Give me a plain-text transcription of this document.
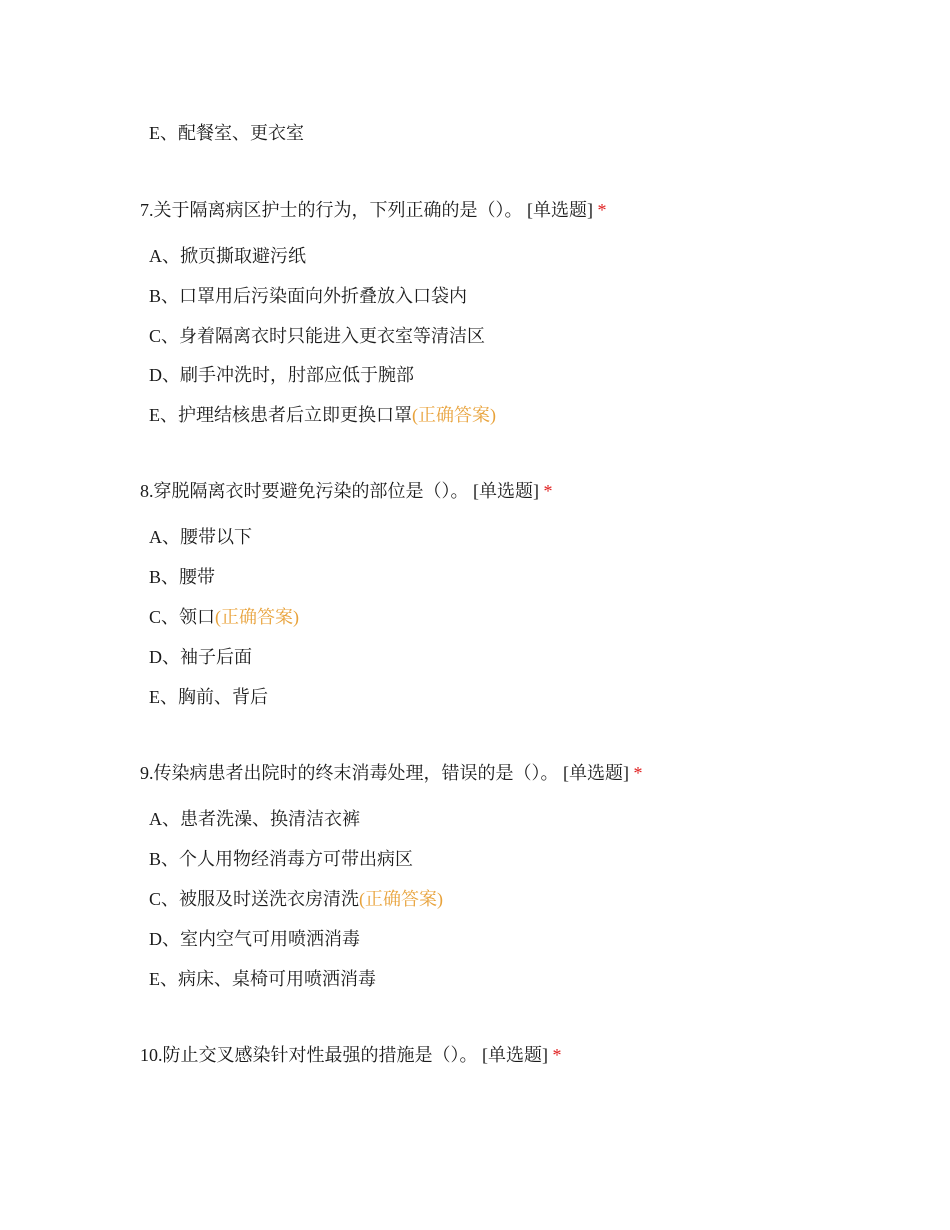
E、配餐室、更衣室
7.关于隔离病区护士的行为，下列正确的是（）。 [单选题] *
A、掀页撕取避污纸
B、口罩用后污染面向外折叠放入口袋内
C、身着隔离衣时只能进入更衣室等清洁区
D、刷手冲洗时，肘部应低于腕部
E、护理结核患者后立即更换口罩(正确答案)
8.穿脱隔离衣时要避免污染的部位是（）。 [单选题] *
A、腰带以下
B、腰带
C、领口(正确答案)
D、袖子后面
E、胸前、背后
9.传染病患者出院时的终末消毒处理，错误的是（）。 [单选题] *
A、患者洗澡、换清洁衣裤
B、个人用物经消毒方可带出病区
C、被服及时送洗衣房清洗(正确答案)
D、室内空气可用喷洒消毒
E、病床、桌椅可用喷洒消毒
10.防止交叉感染针对性最强的措施是（）。 [单选题] *
